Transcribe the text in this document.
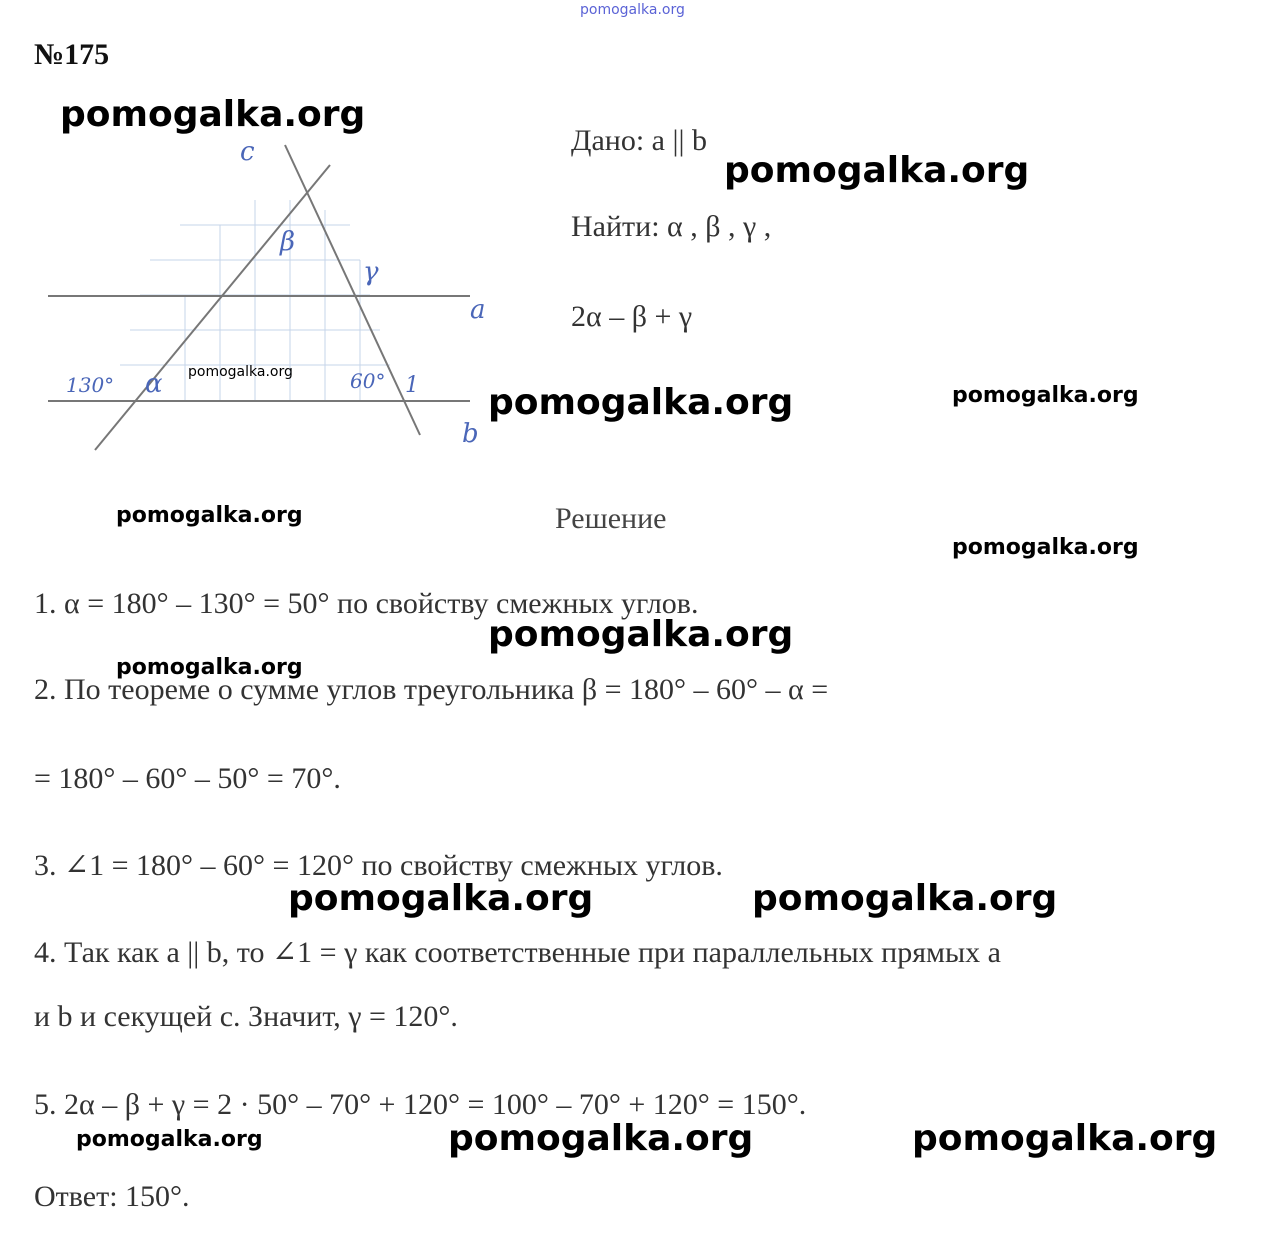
pomogalka.org
№175
c
a
b
β
γ
ɑ
130°	60° 1
Дано: a || b
Найти: α , β , γ ,
2α – β + γ
Решение
1. α = 180° – 130° = 50° по свойству смежных углов.
2. По теореме о сумме углов треугольника β = 180° – 60° – α =
= 180° – 60° – 50° = 70°.
3. ∠1 = 180° – 60° = 120° по свойству смежных углов.
4. Так как a || b, то ∠1 = γ как соответственные при параллельных прямых a
и b и секущей c. Значит, γ = 120°.
5. 2α – β + γ = 2 · 50° – 70° + 120° = 100° – 70° + 120° = 150°.
Ответ: 150°.
pomogalka.org
pomogalka.org
pomogalka.org
pomogalka.org	pomogalka.org
pomogalka.org
pomogalka.org
pomogalka.org
pomogalka.org
pomogalka.org	pomogalka.org
pomogalka.org	pomogalka.org	pomogalka.org
